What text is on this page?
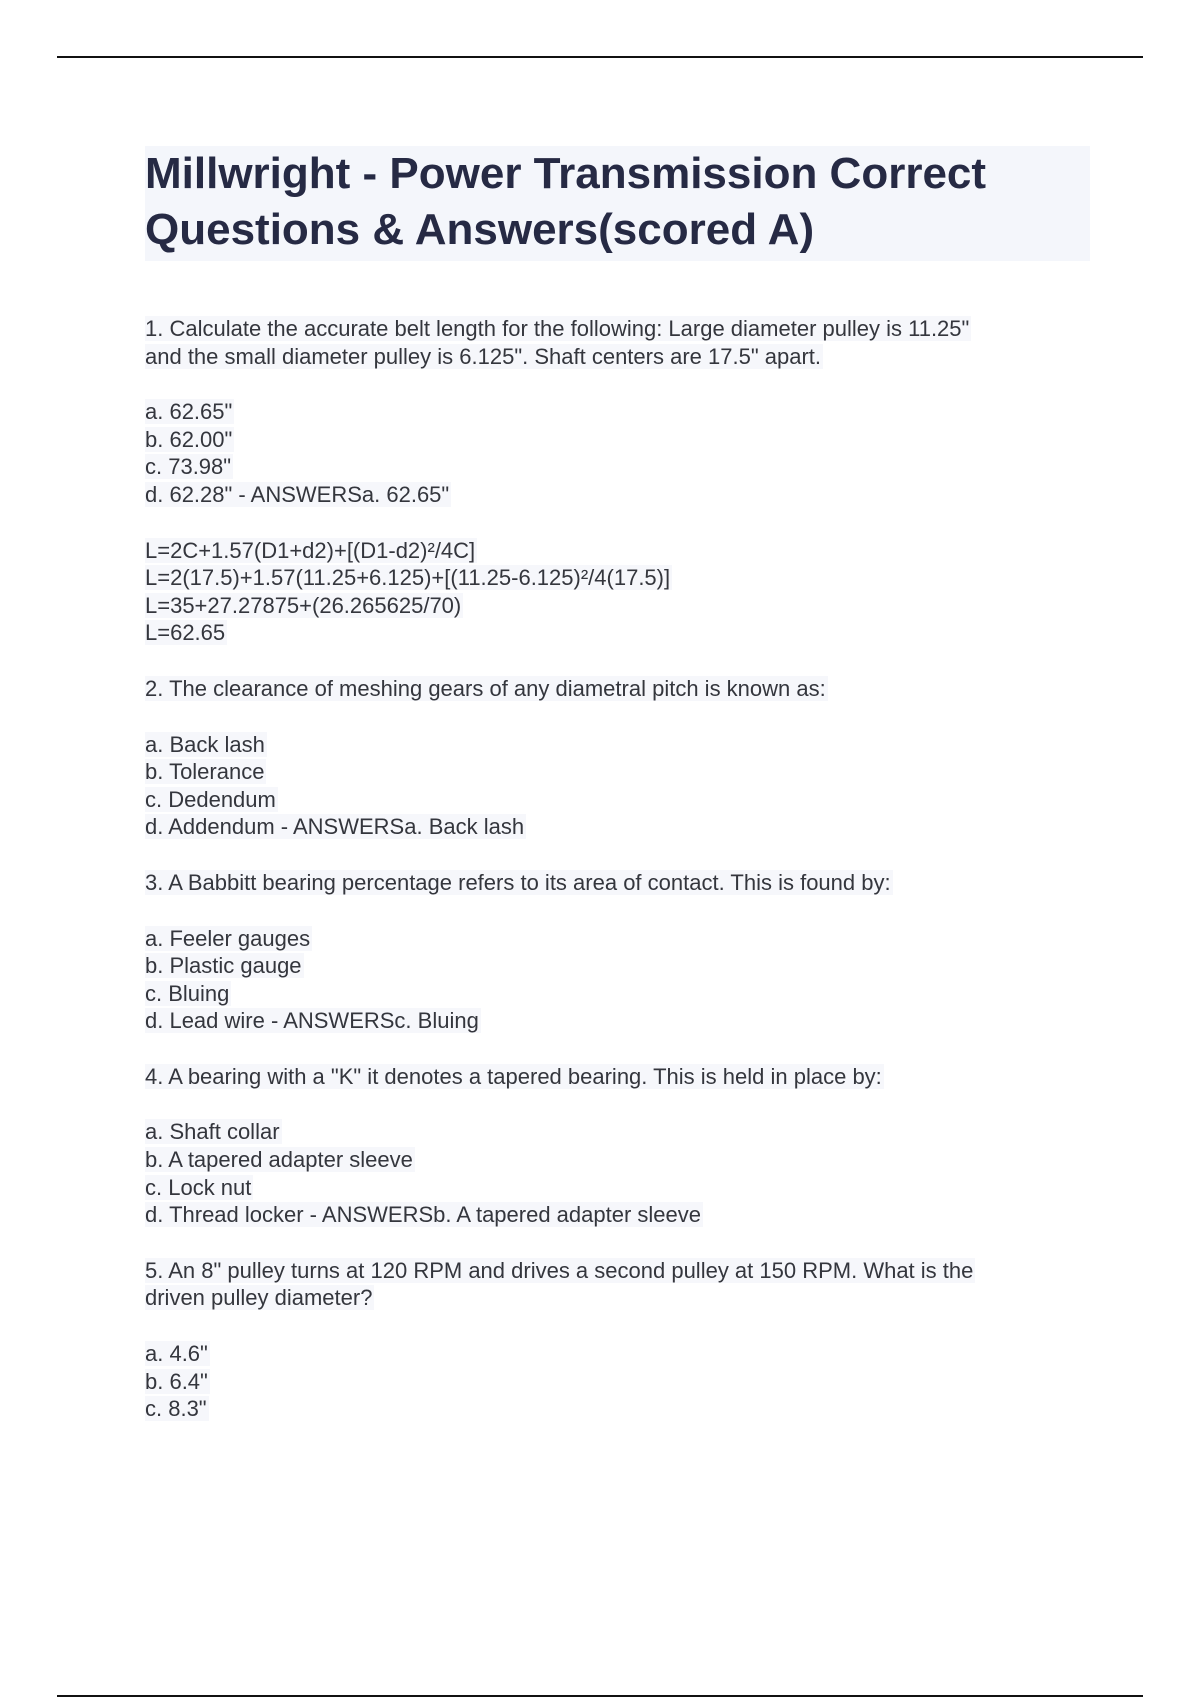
Millwright - Power Transmission Correct
Questions & Answers(scored A)

1. Calculate the accurate belt length for the following: Large diameter pulley is 11.25"
and the small diameter pulley is 6.125". Shaft centers are 17.5" apart.

a. 62.65"
b. 62.00"
c. 73.98"
d. 62.28" - ANSWERSa. 62.65"

L=2C+1.57(D1+d2)+[(D1-d2)²/4C]
L=2(17.5)+1.57(11.25+6.125)+[(11.25-6.125)²/4(17.5)]
L=35+27.27875+(26.265625/70)
L=62.65

2. The clearance of meshing gears of any diametral pitch is known as:

a. Back lash
b. Tolerance
c. Dedendum
d. Addendum - ANSWERSa. Back lash

3. A Babbitt bearing percentage refers to its area of contact. This is found by:

a. Feeler gauges
b. Plastic gauge
c. Bluing
d. Lead wire - ANSWERSc. Bluing

4. A bearing with a "K" it denotes a tapered bearing. This is held in place by:

a. Shaft collar
b. A tapered adapter sleeve
c. Lock nut
d. Thread locker - ANSWERSb. A tapered adapter sleeve

5. An 8" pulley turns at 120 RPM and drives a second pulley at 150 RPM. What is the
driven pulley diameter?

a. 4.6"
b. 6.4"
c. 8.3"
